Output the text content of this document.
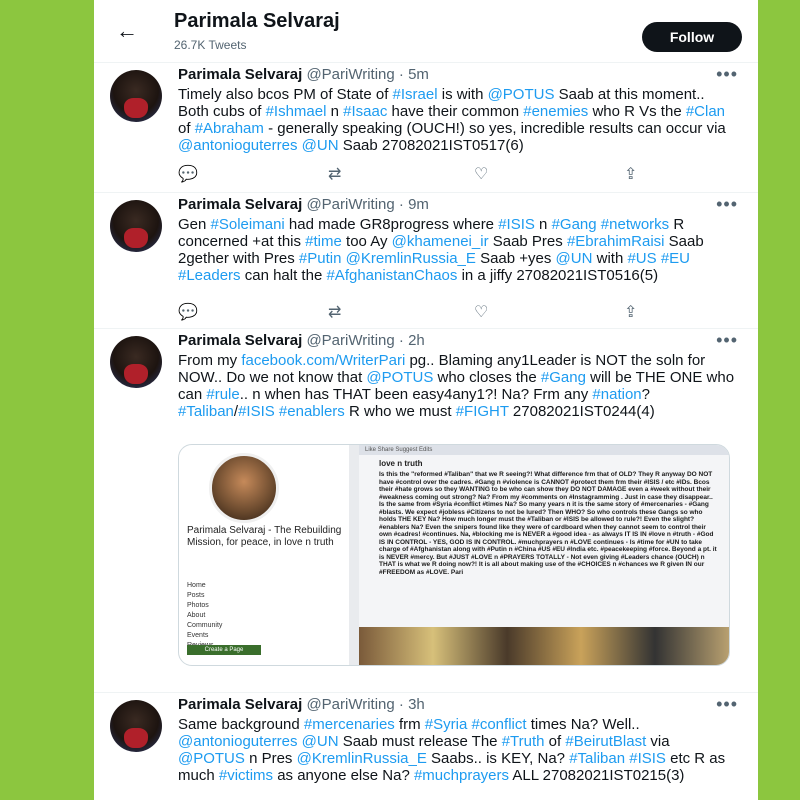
← Parimala Selvaraj
26.7K Tweets	Follow
Parimala Selvaraj @PariWriting · 5m	•••
Timely also bcos PM of State of #Israel is with @POTUS Saab at this moment.. Both cubs of #Ishmael n #Isaac have their common #enemies who R Vs the #Clan of #Abraham - generally speaking (OUCH!) so yes, incredible results can occur via @antonioguterres @UN Saab 27082021IST0517(6)
💬	⇄	♡	⇪
Parimala Selvaraj @PariWriting · 9m	•••
Gen #Soleimani had made GR8progress where #ISIS n #Gang #networks R concerned +at this #time too Ay @khamenei_ir Saab Pres #EbrahimRaisi Saab 2gether with Pres #Putin @KremlinRussia_E Saab +yes @UN with #US #EU #Leaders can halt the #AfghanistanChaos in a jiffy 27082021IST0516(5)
💬	⇄	♡	⇪
Parimala Selvaraj @PariWriting · 2h	•••
From my facebook.com/WriterPari pg.. Blaming any1Leader is NOT the soln for NOW.. Do we not know that @POTUS who closes the #Gang will be THE ONE who can #rule.. n when has THAT been easy4any1?! Na? Frm any #nation? #Taliban/#ISIS #enablers R who we must #FIGHT 27082021IST0244(4)
Parimala Selvaraj - The Rebuilding Mission, for peace, in love n truth
Home
Posts
Photos
About
Community
Events
Create a Page
Like Share Suggest Edits
love n truth
Is this the "reformed #Taliban" that we R seeing?! What difference frm that of OLD? They R anyway DO NOT have #control over the cadres. #Gang n #violence is CANNOT #protect them frm their #ISIS / etc #IDs. Bcos their #hate grows so they WANTING to be who can show they DO NOT DAMAGE even a #week without their #weakness coming out strong? Na? From my #comments on #Instagramming . Just in case they disappear.. Is the same from #Syria #conflict #times Na? So many years n it is the same story of #mercenaries - #Gang #blasts. We expect #jobless #Citizens to not be lured? Then WHO? So who controls these Gangs so who holds THE KEY Na? How much longer must the #Taliban or #ISIS be allowed to rule?! Even the slight? #enablers Na? Even the snipers found like they were of cardboard when they cannot seem to control their own #cadres! #continues. Na, #blocking me is NEVER a #good idea - as always IT IS IN #love n #truth - #God IS IN CONTROL - YES, GOD IS IN CONTROL. #muchprayers n #LOVE continues - Is #time for #UN to take charge of #Afghanistan along with #Putin n #China #US #EU #India etc. #peacekeeping #force. Beyond a pt. it is NEVER #mercy. But #JUST #LOVE n #PRAYERS TOTALLY - Not even giving #Leaders chance (OUCH) n THAT is what we R doing now?! It is all about making use of the #CHOICES n #chances we R given IN our #FREEDOM as #LOVE. Pari
Parimala Selvaraj @PariWriting · 3h	•••
Same background #mercenaries frm #Syria #conflict times Na? Well.. @antonioguterres @UN Saab must release The #Truth of #BeirutBlast via @POTUS n Pres @KremlinRussia_E Saabs.. is KEY, Na? #Taliban #ISIS etc R as much #victims as anyone else Na? #muchprayers ALL 27082021IST0215(3)
